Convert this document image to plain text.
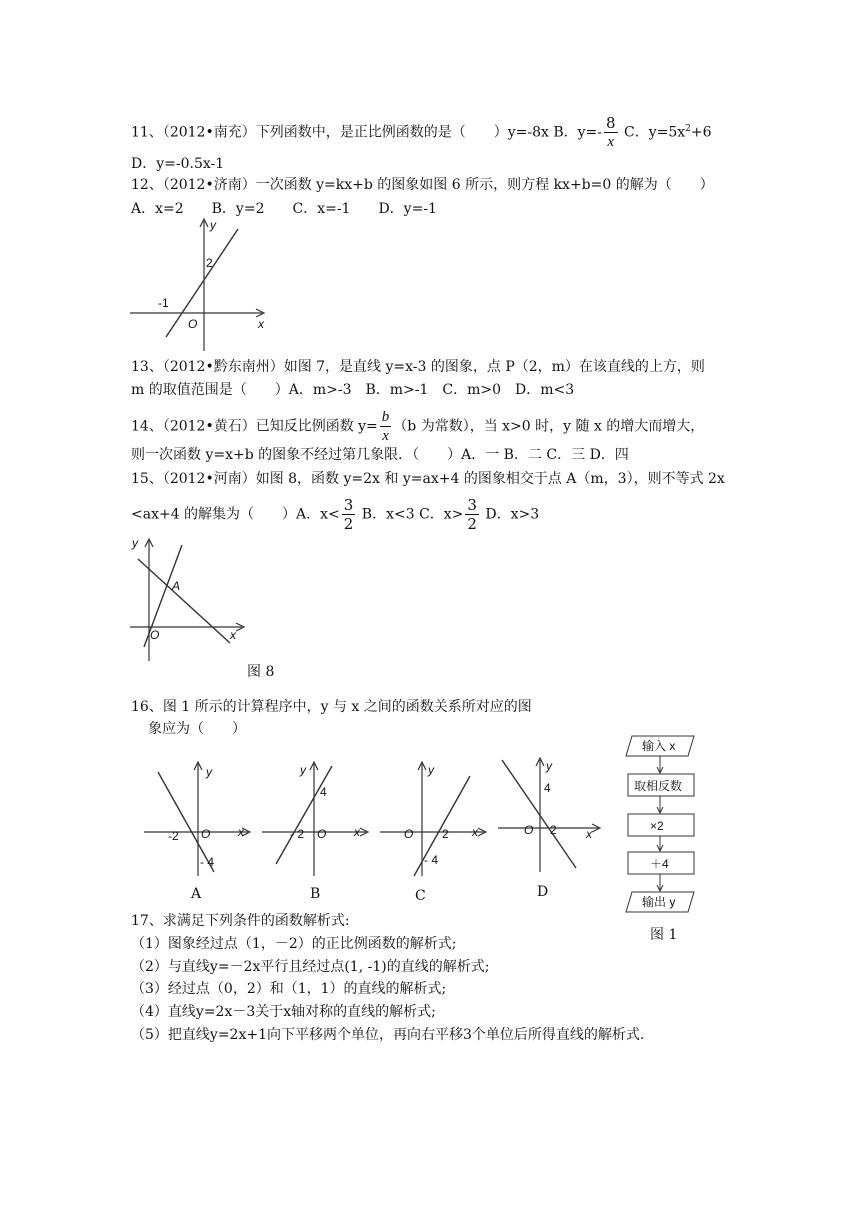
11、（2012•南充）下列函数中，是正比例函数的是（　　）y=-8x B．$y=- \frac{8}{x}$ C．$y=5x^2+6$
D．y=-0.5x-1
12、（2012•济南）一次函数 y=kx+b 的图象如图 6 所示，则方程 kx+b=0 的解为（　　）
A．x=2　　B．y=2　　C．x=-1　　D．y=-1
y
x
O
2
-1
13、（2012•黔东南州）如图 7，是直线 y=x-3 的图象，点 P（2，m）在该直线的上方，则
m 的取值范围是（　　）A．m>-3　B．m>-1　C．m>0　D．m<3
14、（2012•黄石）已知反比例函数 $y= \frac{b}{x} (b$ 为常数），当 x>0 时，y 随 x 的增大而增大，
则一次函数 y=x+b 的图象不经过第几象限．（　　）A．一 B．二 C．三 D．四
15、（2012•河南）如图 8，函数 y=2x 和 y=ax+4 的图象相交于点 A（m，3），则不等式 2x
<ax+4 的解集为（　　）A．$x< \frac{3}{2}$ B．x<3 C．$x> \frac{3}{2}$ D．x>3
y
x
O
A
图 8
16、图 1 所示的计算程序中，y 与 x 之间的函数关系所对应的图
象应为（　　）
y
x
O
-2
- 4
A
y
x
O
- 2
4
B
y
x
O 2
- 4
C
y
x
O 2
4
D
输入 x
取相反数
×2
＋4
输出 y
图 1
17、求满足下列条件的函数解析式:
（1）图象经过点（1，－2）的正比例函数的解析式;
（2）与直线y=－2x平行且经过点(1, -1)的直线的解析式;
（3）经过点（0，2）和（1，1）的直线的解析式;
（4）直线y=2x－3关于x轴对称的直线的解析式;
（5）把直线y=2x+1向下平移两个单位，再向右平移3个单位后所得直线的解析式.
